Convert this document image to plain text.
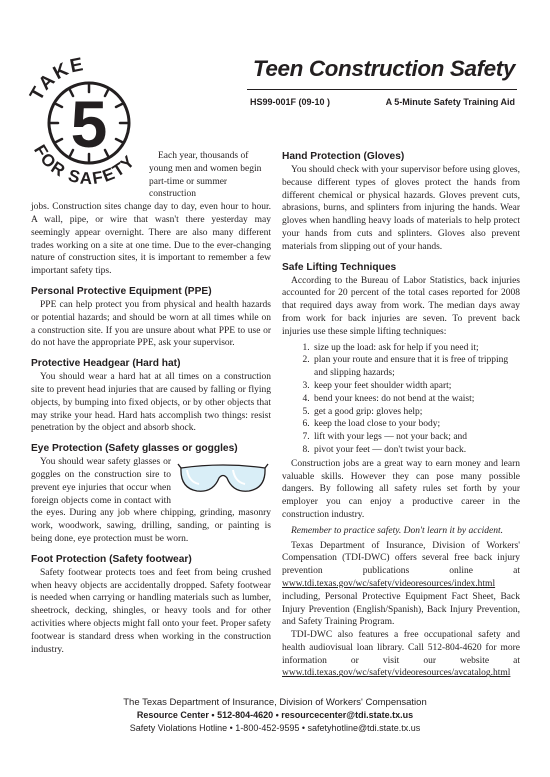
TAKE
5
FOR SAFETY
Teen Construction Safety
HS99-001F (09-10 )	A 5-Minute Safety Training Aid

Each year, thousands of young men and women begin part-time or summer construction

jobs. Construction sites change day to day, even hour to hour. A wall, pipe, or wire that wasn't there yesterday may seemingly appear overnight. There are also many different trades working on a site at one time. Due to the ever-changing nature of construction sites, it is important to remember a few important safety tips.

Personal Protective Equipment (PPE)

PPE can help protect you from physical and health hazards or potential hazards; and should be worn at all times while on a construction site. If you are unsure about what PPE to use or do not have the appropriate PPE, ask your supervisor.

Protective Headgear (Hard hat)

You should wear a hard hat at all times on a construction site to prevent head injuries that are caused by falling or flying objects, by bumping into fixed objects, or by other objects that may strike your head. Hard hats accomplish two things: resist penetration by the object and absorb shock.

Eye Protection (Safety glasses or goggles)

You should wear safety glasses or goggles on the construction sire to prevent eye injuries that occur when foreign objects come in contact with the eyes. During any job where chipping, grinding, masonry work, woodwork, sawing, drilling, sanding, or painting is being done, eye protection must be worn.

Foot Protection (Safety footwear)

Safety footwear protects toes and feet from being crushed when heavy objects are accidentally dropped. Safety footwear is needed when carrying or handling materials such as lumber, sheetrock, decking, shingles, or heavy tools and for other activities where objects might fall onto your feet. Proper safety footwear is standard dress when working in the construction industry.

Hand Protection (Gloves)

You should check with your supervisor before using gloves, because different types of gloves protect the hands from different chemical or physical hazards. Gloves prevent cuts, abrasions, burns, and splinters from injuring the hands. Wear gloves when handling heavy loads of materials to help protect your hands from cuts and splinters. Gloves also prevent materials from slipping out of your hands.

Safe Lifting Techniques

According to the Bureau of Labor Statistics, back injuries accounted for 20 percent of the total cases reported for 2008 that required days away from work. The median days away from work for back injuries are seven. To prevent back injuries use these simple lifting techniques:

1. size up the load: ask for help if you need it;
2. plan your route and ensure that it is free of tripping and slipping hazards;
3. keep your feet shoulder width apart;
4. bend your knees: do not bend at the waist;
5. get a good grip: gloves help;
6. keep the load close to your body;
7. lift with your legs — not your back; and
8. pivot your feet — don't twist your back.

Construction jobs are a great way to earn money and learn valuable skills. However they can pose many possible dangers. By following all safety rules set forth by your employer you can enjoy a productive career in the construction industry.

Remember to practice safety. Don't learn it by accident.

Texas Department of Insurance, Division of Workers' Compensation (TDI-DWC) offers several free back injury prevention publications online at www.tdi.texas.gov/wc/safety/videoresources/index.html including, Personal Protective Equipment Fact Sheet, Back Injury Prevention (English/Spanish), Back Injury Prevention, and Safety Training Program.

TDI-DWC also features a free occupational safety and health audiovisual loan library. Call 512-804-4620 for more information or visit our website at www.tdi.texas.gov/wc/safety/videoresources/avcatalog.html

The Texas Department of Insurance, Division of Workers' Compensation
Resource Center • 512-804-4620 • resourcecenter@tdi.state.tx.us
Safety Violations Hotline • 1-800-452-9595 • safetyhotline@tdi.state.tx.us
